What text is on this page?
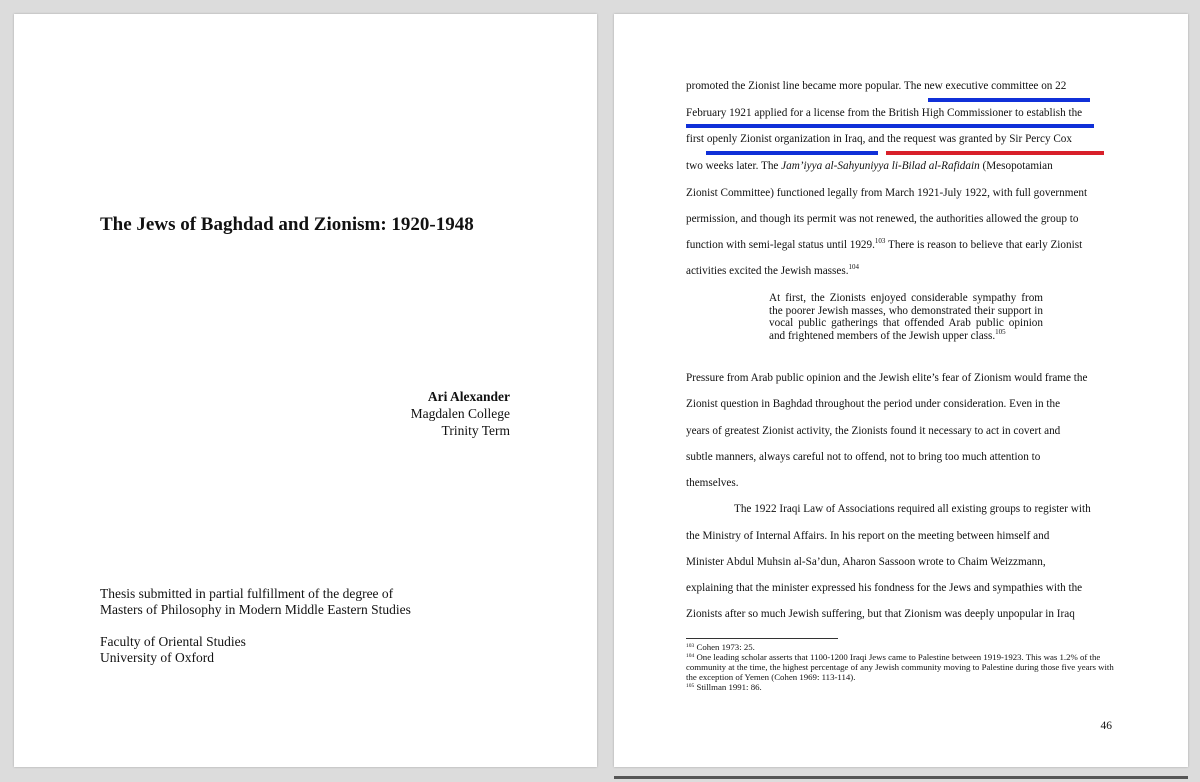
The Jews of Baghdad and Zionism: 1920-1948
Ari Alexander
Magdalen College
Trinity Term
Thesis submitted in partial fulfillment of the degree of
Masters of Philosophy in Modern Middle Eastern Studies
Faculty of Oriental Studies
University of Oxford
promoted the Zionist line became more popular. The new executive committee on 22
February 1921 applied for a license from the British High Commissioner to establish the
first openly Zionist organization in Iraq, and the request was granted by Sir Percy Cox
two weeks later. The Jam’iyya al-Sahyuniyya li-Bilad al-Rafidain (Mesopotamian
Zionist Committee) functioned legally from March 1921-July 1922, with full government
permission, and though its permit was not renewed, the authorities allowed the group to
function with semi-legal status until 1929.$^{103}$ There is reason to believe that early Zionist
activities excited the Jewish masses.$^{104}$
At first, the Zionists enjoyed considerable sympathy from the poorer Jewish masses, who demonstrated their support in vocal public gatherings that offended Arab public opinion and frightened members of the Jewish upper class.$^{105}$
Pressure from Arab public opinion and the Jewish elite’s fear of Zionism would frame the
Zionist question in Baghdad throughout the period under consideration. Even in the
years of greatest Zionist activity, the Zionists found it necessary to act in covert and
subtle manners, always careful not to offend, not to bring too much attention to
themselves.
The 1922 Iraqi Law of Associations required all existing groups to register with
the Ministry of Internal Affairs. In his report on the meeting between himself and
Minister Abdul Muhsin al-Sa’dun, Aharon Sassoon wrote to Chaim Weizzmann,
explaining that the minister expressed his fondness for the Jews and sympathies with the
Zionists after so much Jewish suffering, but that Zionism was deeply unpopular in Iraq
$^{103}$ Cohen 1973: 25.
$^{104}$ One leading scholar asserts that 1100-1200 Iraqi Jews came to Palestine between 1919-1923. This was 1.2% of the community at the time, the highest percentage of any Jewish community moving to Palestine during those five years with the exception of Yemen (Cohen 1969: 113-114).
$^{105}$ Stillman 1991: 86.
46
